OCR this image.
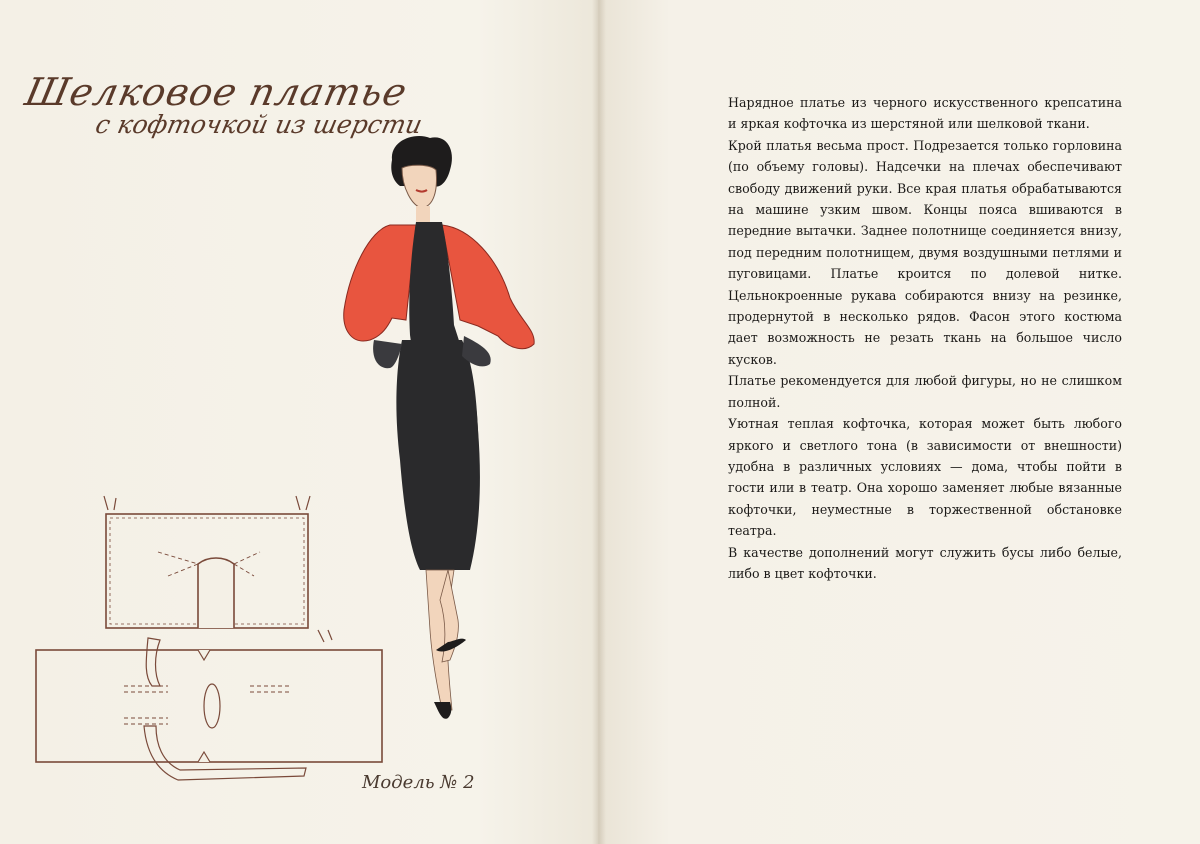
Шелковое платье
с кофточкой из шерсти
Модель № 2

Нарядное платье из черного искусственного крепсатина и яркая кофточка из шерстяной или шелковой ткани.

Крой платья весьма прост. Подрезается только горловина (по объему головы). Надсечки на плечах обеспечивают свободу движений руки. Все края платья обрабатываются на машине узким швом. Концы пояса вшиваются в передние вытачки. Заднее полотнище соединяется внизу, под передним полотнищем, двумя воздушными петлями и пуговицами. Платье кроится по долевой нитке. Цельнокроенные рукава собираются внизу на резинке, продернутой в несколько рядов. Фасон этого костюма дает возможность не резать ткань на большое число кусков.

Платье рекомендуется для любой фигуры, но не слишком полной.

Уютная теплая кофточка, которая может быть любого яркого и светлого тона (в зависимости от внешности) удобна в различных условиях — дома, чтобы пойти в гости или в театр. Она хорошо заменяет любые вязанные кофточки, неуместные в торжественной обстановке театра.

В качестве дополнений могут служить бусы либо белые, либо в цвет кофточки.
